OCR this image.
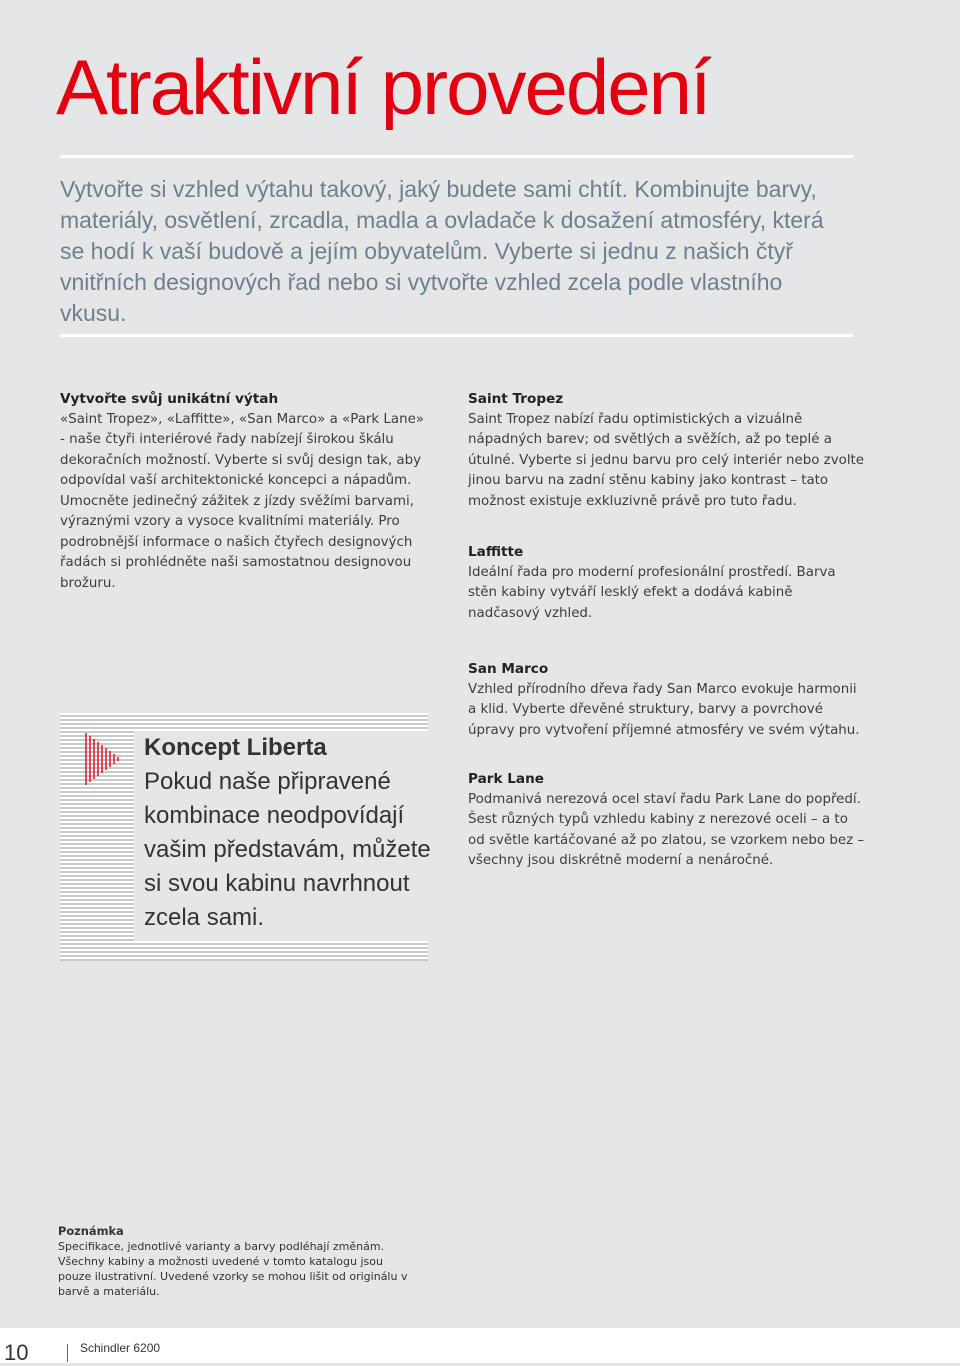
Atraktivní provedení

Vytvořte si vzhled výtahu takový, jaký budete sami chtít. Kombinujte barvy, materiály, osvětlení, zrcadla, madla a ovladače k dosažení atmosféry, která se hodí k vaší budově a jejím obyvatelům. Vyberte si jednu z našich čtyř vnitřních designových řad nebo si vytvořte vzhled zcela podle vlastního vkusu.

Vytvořte svůj unikátní výtah

«Saint Tropez», «Laffitte», «San Marco» a «Park Lane» - naše čtyři interiérové řady nabízejí širokou škálu dekoračních možností. Vyberte si svůj design tak, aby odpovídal vaší architektonické koncepci a nápadům. Umocněte jedinečný zážitek z jízdy svěžími barvami, výraznými vzory a vysoce kvalitními materiály. Pro podrobnější informace o našich čtyřech designových řadách si prohlédněte naši samostatnou designovou brožuru.

Saint Tropez

Saint Tropez nabízí řadu optimistických a vizuálně nápadných barev; od světlých a svěžích, až po teplé a útulné. Vyberte si jednu barvu pro celý interiér nebo zvolte jinou barvu na zadní stěnu kabiny jako kontrast – tato možnost existuje exkluzivně právě pro tuto řadu.

Laffitte

Ideální řada pro moderní profesionální prostředí. Barva stěn kabiny vytváří lesklý efekt a dodává kabině nadčasový vzhled.

San Marco

Vzhled přírodního dřeva řady San Marco evokuje harmonii a klid. Vyberte dřevěné struktury, barvy a povrchové úpravy pro vytvoření příjemné atmosféry ve svém výtahu.

Park Lane

Podmanivá nerezová ocel staví řadu Park Lane do popředí. Šest různých typů vzhledu kabiny z nerezové oceli – a to od světle kartáčované až po zlatou, se vzorkem nebo bez – všechny jsou diskrétně moderní a nenáročné.

Koncept Liberta

Pokud naše připravené kombinace neodpovídají vašim představám, můžete si svou kabinu navrhnout zcela sami.

Poznámka

Specifikace, jednotlivé varianty a barvy podléhají změnám. Všechny kabiny a možnosti uvedené v tomto katalogu jsou pouze ilustrativní. Uvedené vzorky se mohou lišit od originálu v barvě a materiálu.

10	Schindler 6200
